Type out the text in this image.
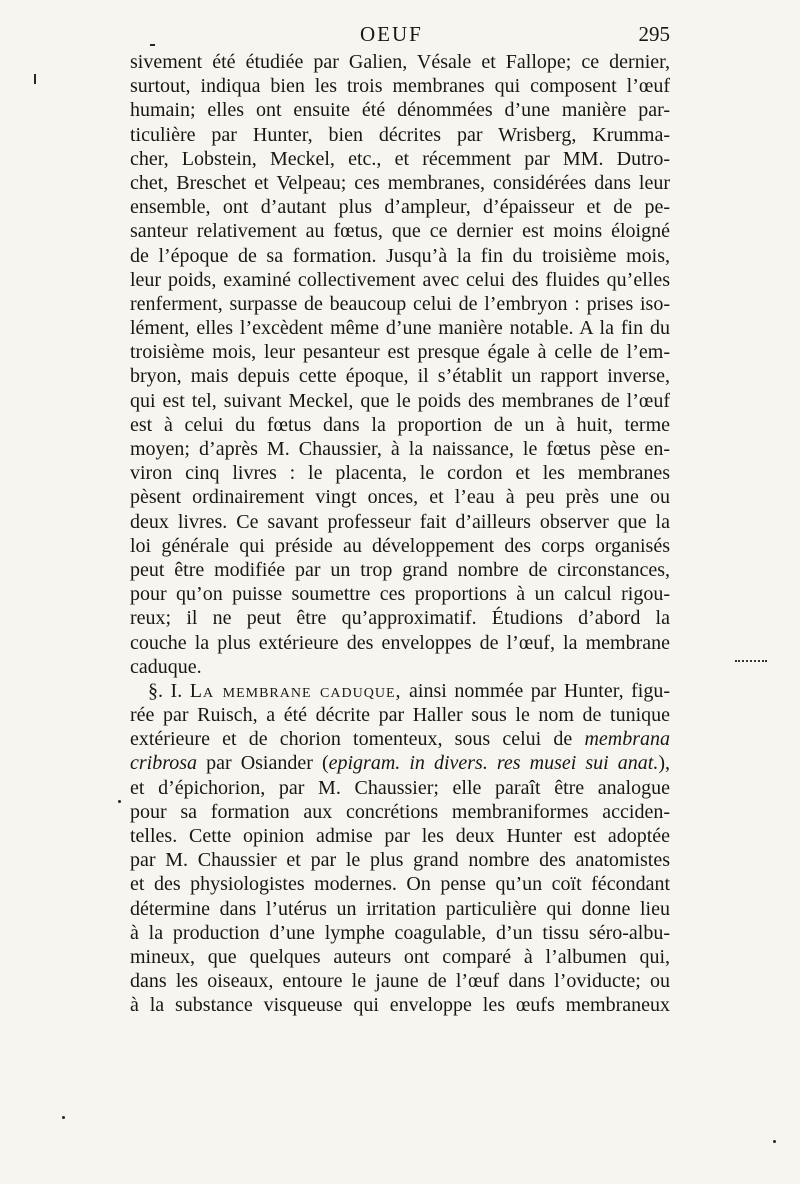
OEUF	295
sivement été étudiée par Galien, Vésale et Fallope; ce dernier,
surtout, indiqua bien les trois membranes qui composent l’œuf
humain; elles ont ensuite été dénommées d’une manière par-
ticulière par Hunter, bien décrites par Wrisberg, Krumma-
cher, Lobstein, Meckel, etc., et récemment par MM. Dutro-
chet, Breschet et Velpeau; ces membranes, considérées dans leur
ensemble, ont d’autant plus d’ampleur, d’épaisseur et de pe-
santeur relativement au fœtus, que ce dernier est moins éloigné
de l’époque de sa formation. Jusqu’à la fin du troisième mois,
leur poids, examiné collectivement avec celui des fluides qu’elles
renferment, surpasse de beaucoup celui de l’embryon : prises iso-
lément, elles l’excèdent même d’une manière notable. A la fin du
troisième mois, leur pesanteur est presque égale à celle de l’em-
bryon, mais depuis cette époque, il s’établit un rapport inverse,
qui est tel, suivant Meckel, que le poids des membranes de l’œuf
est à celui du fœtus dans la proportion de un à huit, terme
moyen; d’après M. Chaussier, à la naissance, le fœtus pèse en-
viron cinq livres : le placenta, le cordon et les membranes
pèsent ordinairement vingt onces, et l’eau à peu près une ou
deux livres. Ce savant professeur fait d’ailleurs observer que la
loi générale qui préside au développement des corps organisés
peut être modifiée par un trop grand nombre de circonstances,
pour qu’on puisse soumettre ces proportions à un calcul rigou-
reux; il ne peut être qu’approximatif. Étudions d’abord la
couche la plus extérieure des enveloppes de l’œuf, la membrane
caduque.
§. I. La membrane caduque, ainsi nommée par Hunter, figu-
rée par Ruisch, a été décrite par Haller sous le nom de tunique
extérieure et de chorion tomenteux, sous celui de membrana
cribrosa par Osiander (epigram. in divers. res musei sui anat.),
et d’épichorion, par M. Chaussier; elle paraît être analogue
pour sa formation aux concrétions membraniformes acciden-
telles. Cette opinion admise par les deux Hunter est adoptée
par M. Chaussier et par le plus grand nombre des anatomistes
et des physiologistes modernes. On pense qu’un coït fécondant
détermine dans l’utérus un irritation particulière qui donne lieu
à la production d’une lymphe coagulable, d’un tissu séro-albu-
mineux, que quelques auteurs ont comparé à l’albumen qui,
dans les oiseaux, entoure le jaune de l’œuf dans l’oviducte; ou
à la substance visqueuse qui enveloppe les œufs membraneux
